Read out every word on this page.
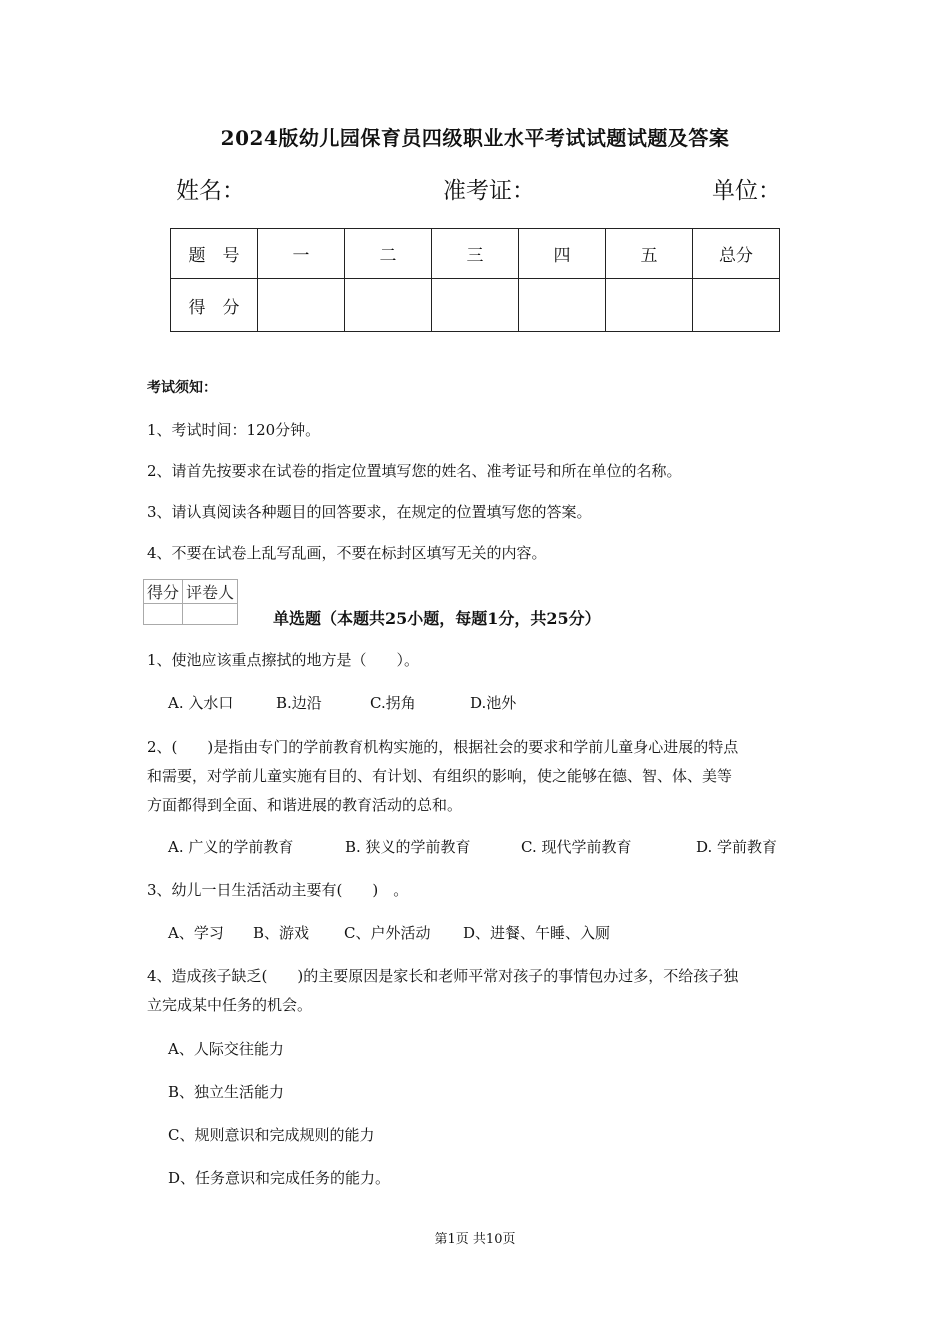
2024版幼儿园保育员四级职业水平考试试题试题及答案
姓名：	准考证：	单位：
题　号	一	二	三	四	五	总分
得　分						
考试须知：
1、考试时间：120分钟。
2、请首先按要求在试卷的指定位置填写您的姓名、准考证号和所在单位的名称。
3、请认真阅读各种题目的回答要求，在规定的位置填写您的答案。
4、不要在试卷上乱写乱画，不要在标封区填写无关的内容。
得分	评卷人

单选题（本题共25小题，每题1分，共25分）
1、使池应该重点擦拭的地方是（　　）。
A. 入水口	B.边沿	C.拐角	D.池外
2、(　　)是指由专门的学前教育机构实施的，根据社会的要求和学前儿童身心进展的特点
和需要，对学前儿童实施有目的、有计划、有组织的影响，使之能够在德、智、体、美等
方面都得到全面、和谐进展的教育活动的总和。
A. 广义的学前教育	B. 狭义的学前教育	C. 现代学前教育	D. 学前教育
3、幼儿一日生活活动主要有(　　)　。
A、学习 B、游戏 C、户外活动 D、进餐、午睡、入厕
4、造成孩子缺乏(　　)的主要原因是家长和老师平常对孩子的事情包办过多，不给孩子独
立完成某中任务的机会。
A、人际交往能力
B、独立生活能力
C、规则意识和完成规则的能力
D、任务意识和完成任务的能力。
第1页 共10页
